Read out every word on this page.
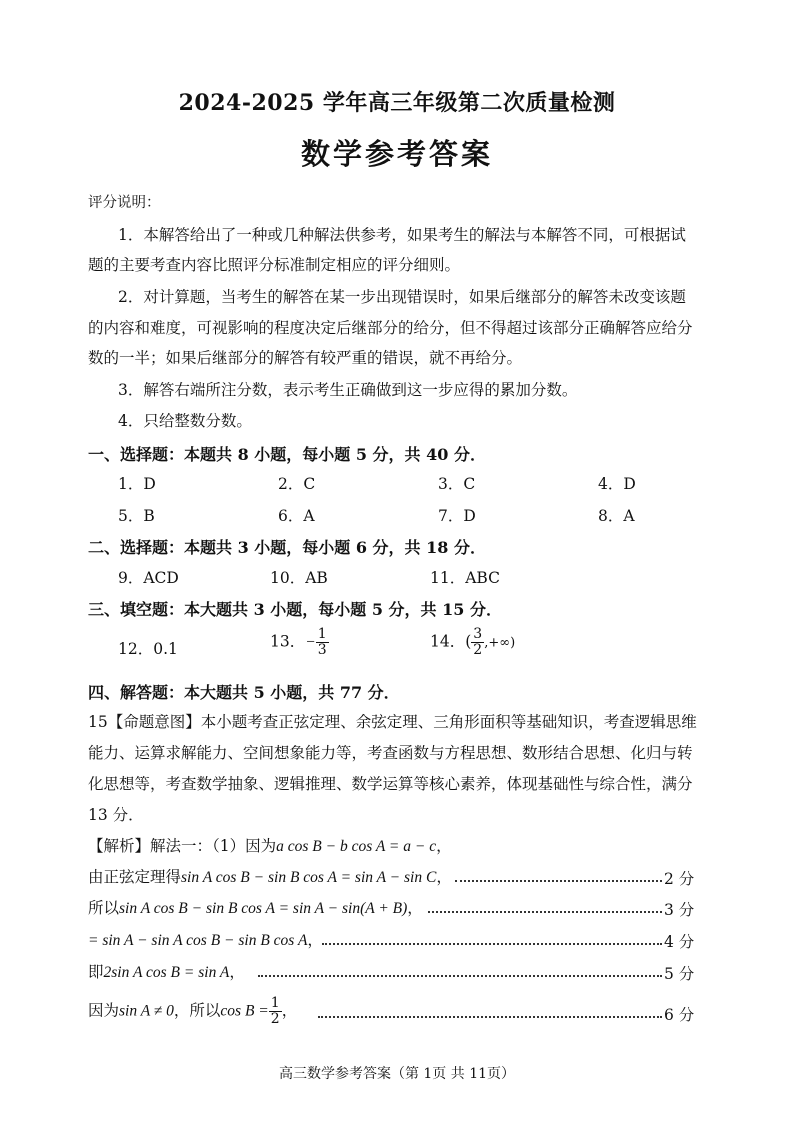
2024-2025 学年高三年级第二次质量检测
数学参考答案
评分说明：
1．本解答给出了一种或几种解法供参考，如果考生的解法与本解答不同，可根据试
题的主要考查内容比照评分标准制定相应的评分细则。
2．对计算题，当考生的解答在某一步出现错误时，如果后继部分的解答未改变该题
的内容和难度，可视影响的程度决定后继部分的给分，但不得超过该部分正确解答应给分
数的一半；如果后继部分的解答有较严重的错误，就不再给分。
3．解答右端所注分数，表示考生正确做到这一步应得的累加分数。
4．只给整数分数。
一、选择题：本题共 8 小题，每小题 5 分，共 40 分．
1．D	2．C	3．C	4．D
5．B	6．A	7．D	8．A
二、选择题：本题共 3 小题，每小题 6 分，共 18 分．
9．ACD	10．AB	11．ABC
三、填空题：本大题共 3 小题，每小题 5 分，共 15 分．
12．0.1	13．− $\frac{1}{3}$	14．( $\frac{3}{2}$ ,+∞)
四、解答题：本大题共 5 小题，共 77 分．
15【命题意图】本小题考查正弦定理、余弦定理、三角形面积等基础知识，考查逻辑思维
能力、运算求解能力、空间想象能力等，考查函数与方程思想、数形结合思想、化归与转
化思想等，考查数学抽象、逻辑推理、数学运算等核心素养，体现基础性与综合性，满分
13 分．
【解析】解法一：（1）因为a cos B − b cos A = a − c，
由正弦定理得sin A cos B − sin B cos A = sin A − sin C，	2 分
所以sin A cos B − sin B cos A = sin A − sin(A + B)，	3 分
= sin A − sin A cos B − sin B cos A，	4 分
即2sin A cos B = sin A，	5 分
因为sin A ≠ 0，所以$\cos B = \frac{1}{2}$ ，	6 分
高三数学参考答案（第 1页 共 11页）
